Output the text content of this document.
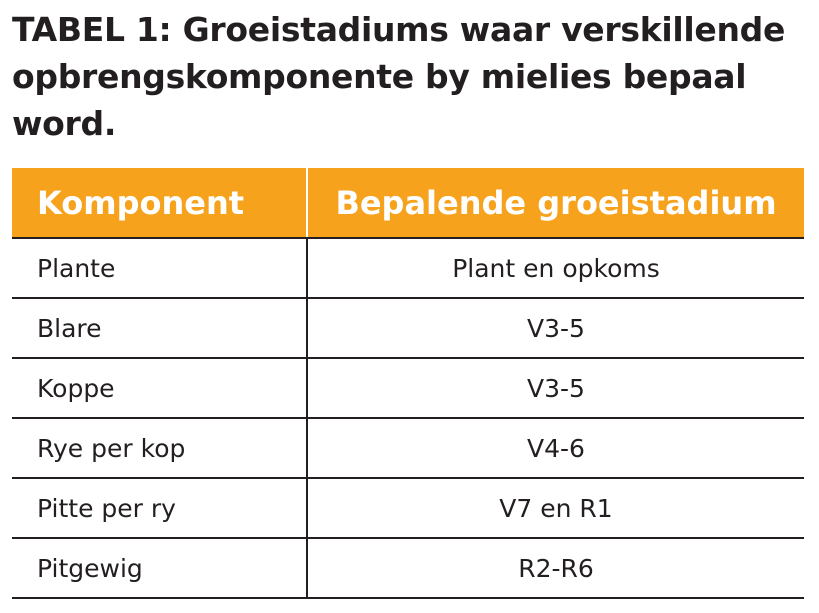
TABEL 1: Groeistadiums waar verskillende opbrengskomponente by mielies bepaal word.
Komponent	Bepalende groeistadium
Plante	Plant en opkoms
Blare	V3-5
Koppe	V3-5
Rye per kop	V4-6
Pitte per ry	V7 en R1
Pitgewig	R2-R6
